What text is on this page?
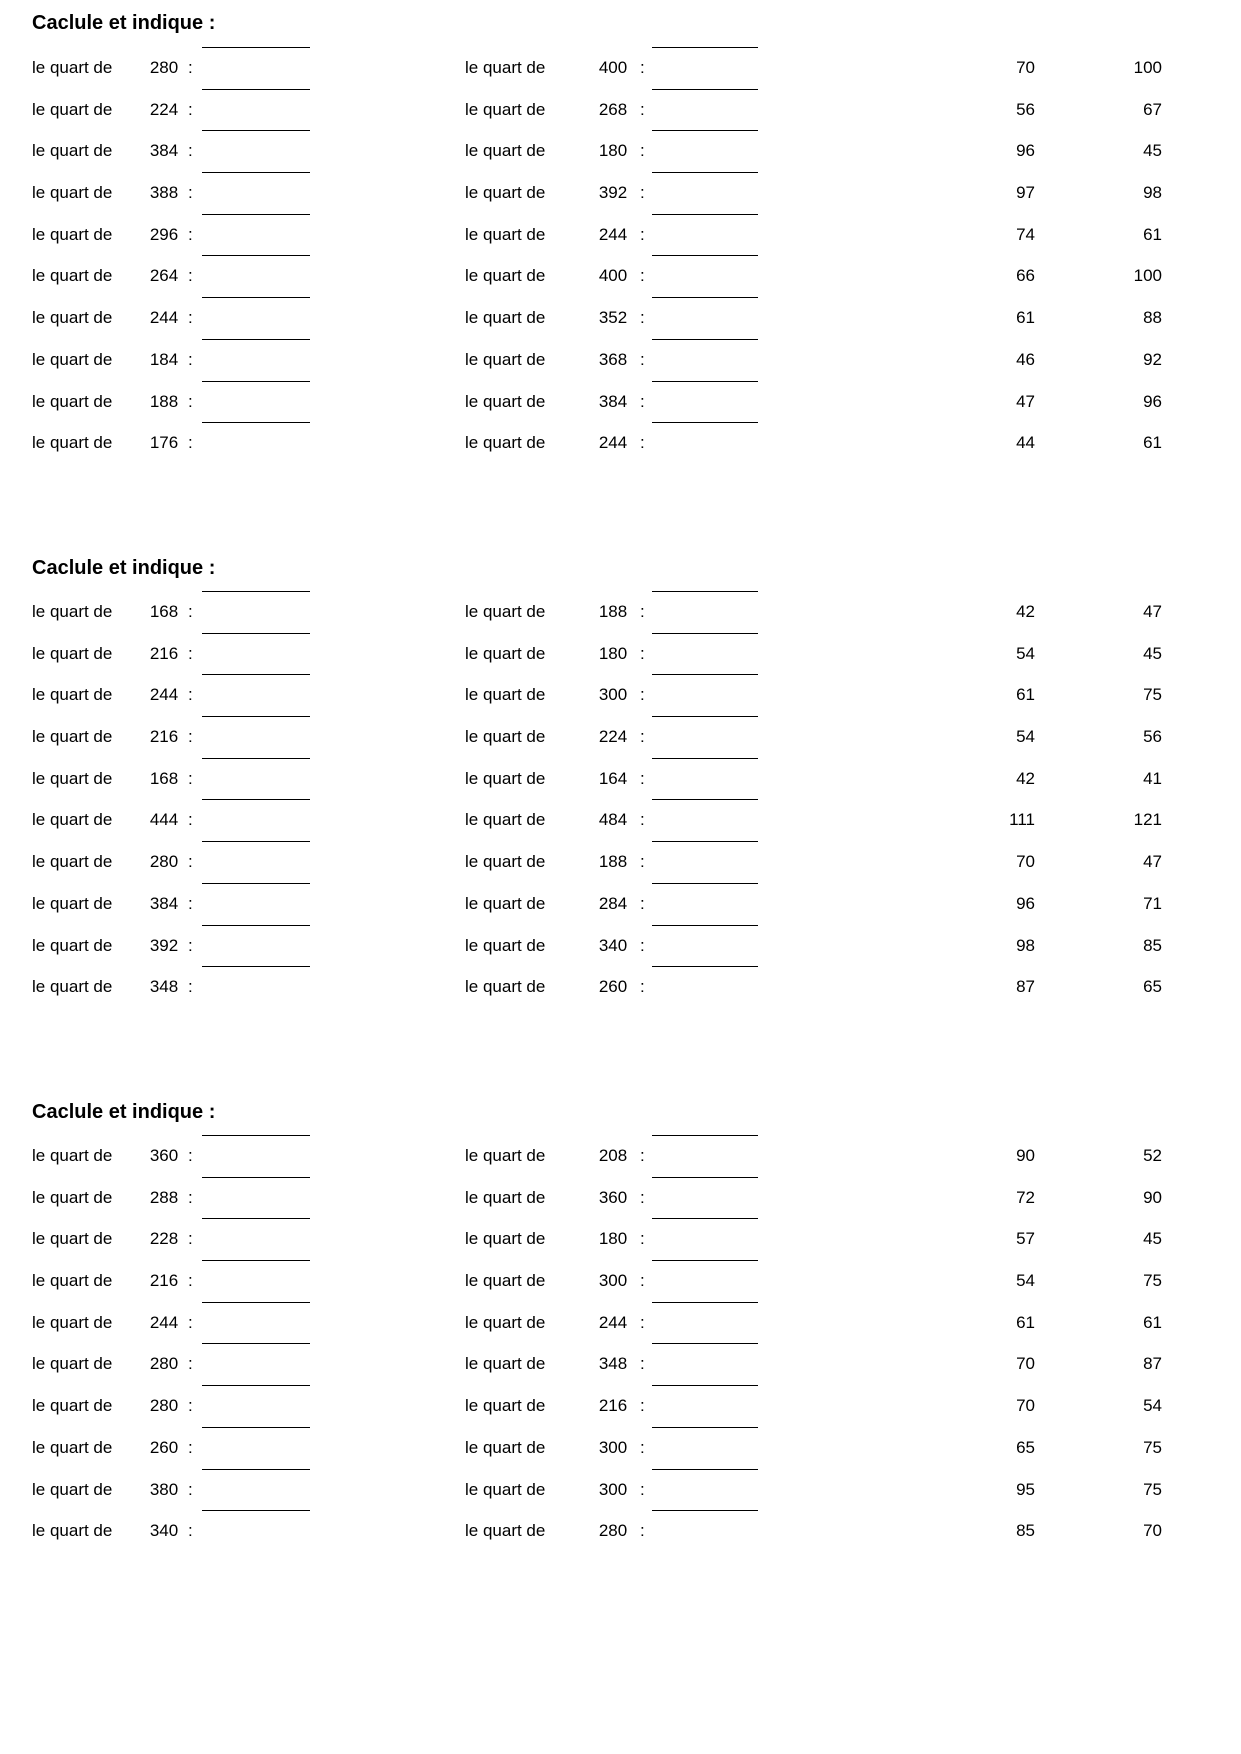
Caclule et indique :
le quart de	280 :	le quart de	400 :	70	100
le quart de	224 :	le quart de	268 :	56	67
le quart de	384 :	le quart de	180 :	96	45
le quart de	388 :	le quart de	392 :	97	98
le quart de	296 :	le quart de	244 :	74	61
le quart de	264 :	le quart de	400 :	66	100
le quart de	244 :	le quart de	352 :	61	88
le quart de	184 :	le quart de	368 :	46	92
le quart de	188 :	le quart de	384 :	47	96
le quart de	176 :	le quart de	244 :	44	61
Caclule et indique :
le quart de	168 :	le quart de	188 :	42	47
le quart de	216 :	le quart de	180 :	54	45
le quart de	244 :	le quart de	300 :	61	75
le quart de	216 :	le quart de	224 :	54	56
le quart de	168 :	le quart de	164 :	42	41
le quart de	444 :	le quart de	484 :	111	121
le quart de	280 :	le quart de	188 :	70	47
le quart de	384 :	le quart de	284 :	96	71
le quart de	392 :	le quart de	340 :	98	85
le quart de	348 :	le quart de	260 :	87	65
Caclule et indique :
le quart de	360 :	le quart de	208 :	90	52
le quart de	288 :	le quart de	360 :	72	90
le quart de	228 :	le quart de	180 :	57	45
le quart de	216 :	le quart de	300 :	54	75
le quart de	244 :	le quart de	244 :	61	61
le quart de	280 :	le quart de	348 :	70	87
le quart de	280 :	le quart de	216 :	70	54
le quart de	260 :	le quart de	300 :	65	75
le quart de	380 :	le quart de	300 :	95	75
le quart de	340 :	le quart de	280 :	85	70
